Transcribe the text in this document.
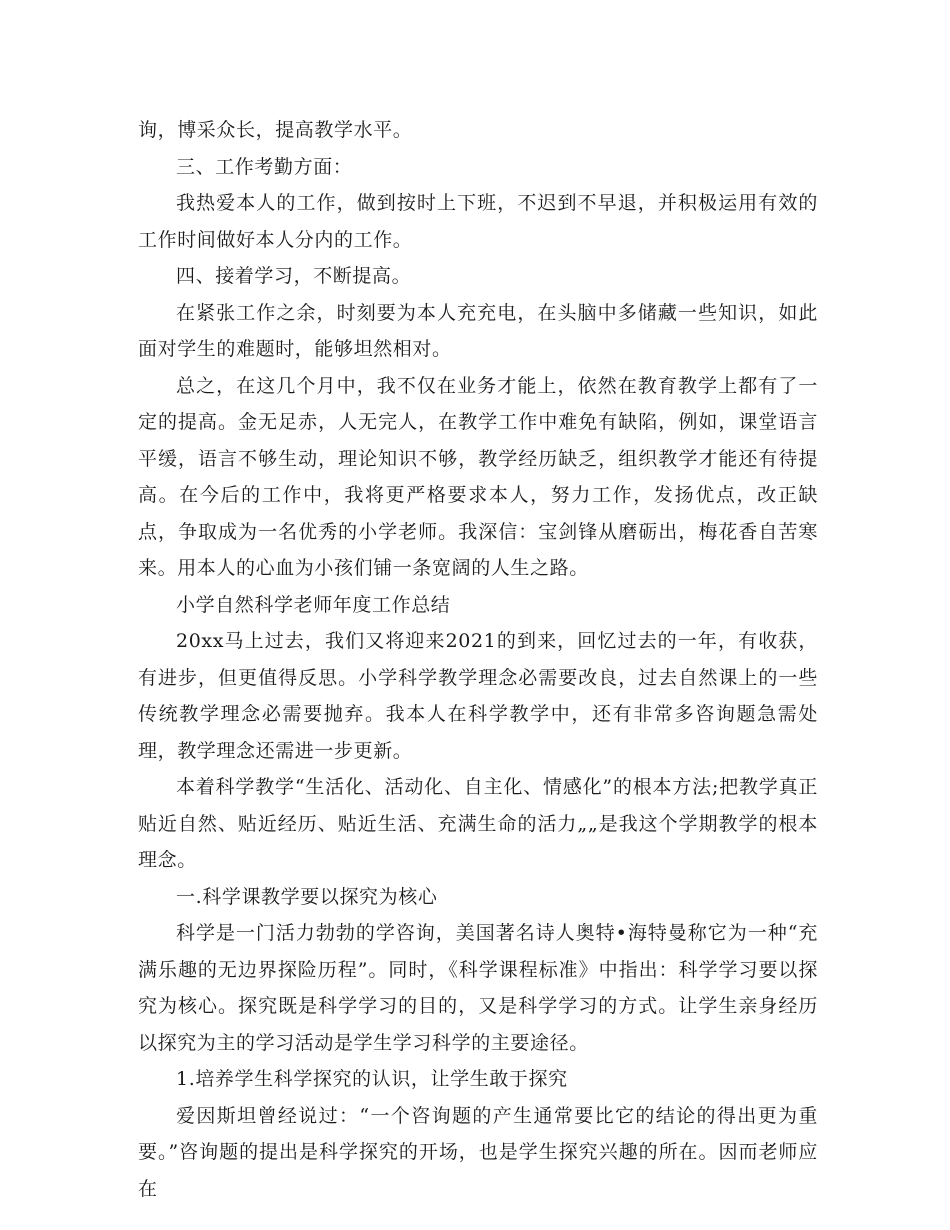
询，博采众长，提高教学水平。

三、工作考勤方面：

我热爱本人的工作，做到按时上下班，不迟到不早退，并积极运用有效的工作时间做好本人分内的工作。

四、接着学习，不断提高。

在紧张工作之余，时刻要为本人充充电，在头脑中多储藏一些知识，如此面对学生的难题时，能够坦然相对。

总之，在这几个月中，我不仅在业务才能上，依然在教育教学上都有了一定的提高。金无足赤，人无完人，在教学工作中难免有缺陷，例如，课堂语言平缓，语言不够生动，理论知识不够，教学经历缺乏，组织教学才能还有待提高。在今后的工作中，我将更严格要求本人，努力工作，发扬优点，改正缺点，争取成为一名优秀的小学老师。我深信：宝剑锋从磨砺出，梅花香自苦寒来。用本人的心血为小孩们铺一条宽阔的人生之路。

小学自然科学老师年度工作总结

20xx马上过去，我们又将迎来2021的到来，回忆过去的一年，有收获，有进步，但更值得反思。小学科学教学理念必需要改良，过去自然课上的一些传统教学理念必需要抛弃。我本人在科学教学中，还有非常多咨询题急需处理，教学理念还需进一步更新。

本着科学教学“生活化、活动化、自主化、情感化”的根本方法;把教学真正贴近自然、贴近经历、贴近生活、充满生命的活力„„是我这个学期教学的根本理念。

一.科学课教学要以探究为核心

科学是一门活力勃勃的学咨询，美国著名诗人奥特•海特曼称它为一种“充满乐趣的无边界探险历程”。同时，《科学课程标准》中指出：科学学习要以探究为核心。探究既是科学学习的目的，又是科学学习的方式。让学生亲身经历以探究为主的学习活动是学生学习科学的主要途径。

1.培养学生科学探究的认识，让学生敢于探究

爱因斯坦曾经说过：“一个咨询题的产生通常要比它的结论的得出更为重要。”咨询题的提出是科学探究的开场，也是学生探究兴趣的所在。因而老师应在
